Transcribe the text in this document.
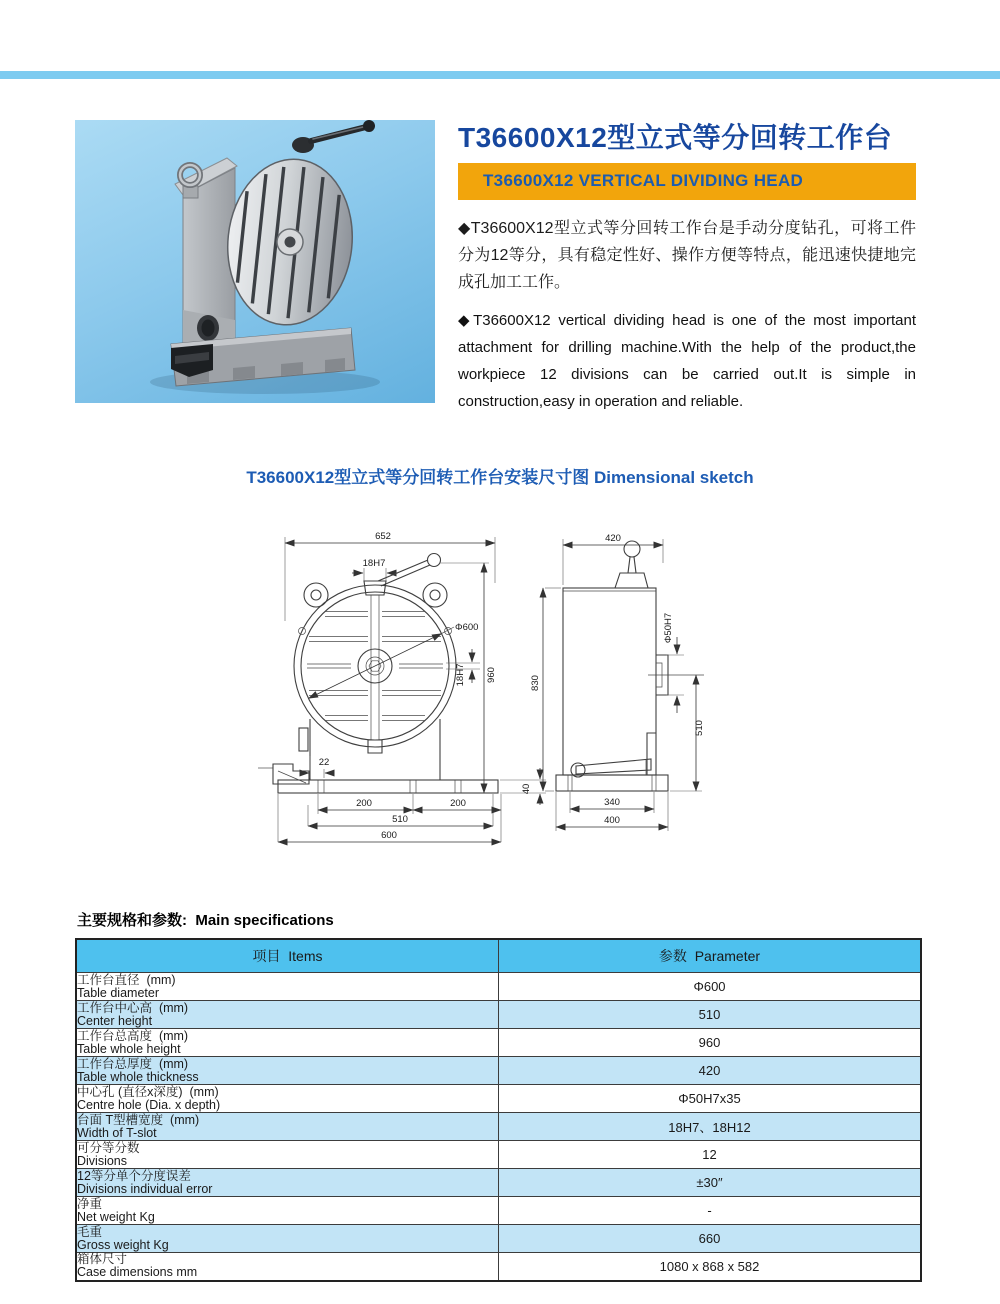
T36600X12型立式等分回转工作台
T36600X12 VERTICAL DIVIDING HEAD
◆T36600X12型立式等分回转工作台是手动分度钻孔，可将工件分为12等分，具有稳定性好、操作方便等特点，能迅速快捷地完成孔加工工作。
◆T36600X12 vertical dividing head is one of the most important attachment for drilling machine.With the help of the product,the workpiece 12 divisions can be carried out.It is simple in construction,easy in operation and reliable.
T36600X12型立式等分回转工作台安装尺寸图 Dimensional sketch
652
18H7
Φ600
18H7 960
22
40
200	200
510
600
420
Φ50H7
830
510
340
400
主要规格和参数:  Main specifications
项目  Items	参数  Parameter

工作台直径  (mm)
Table diameter	Φ600

工作台中心高  (mm)
Center height	510

工作台总高度  (mm)
Table whole height	960

工作台总厚度  (mm)
Table whole thickness	420

中心孔 (直径x深度)  (mm)
Centre hole (Dia. x depth)	Φ50H7x35

台面 T型槽宽度  (mm)
Width of T-slot	18H7、18H12

可分等分数
Divisions	12

12等分单个分度误差
Divisions individual error	±30″

净重
Net weight Kg	-

毛重
Gross weight Kg	660

箱体尺寸
Case dimensions mm	1080 x 868 x 582
